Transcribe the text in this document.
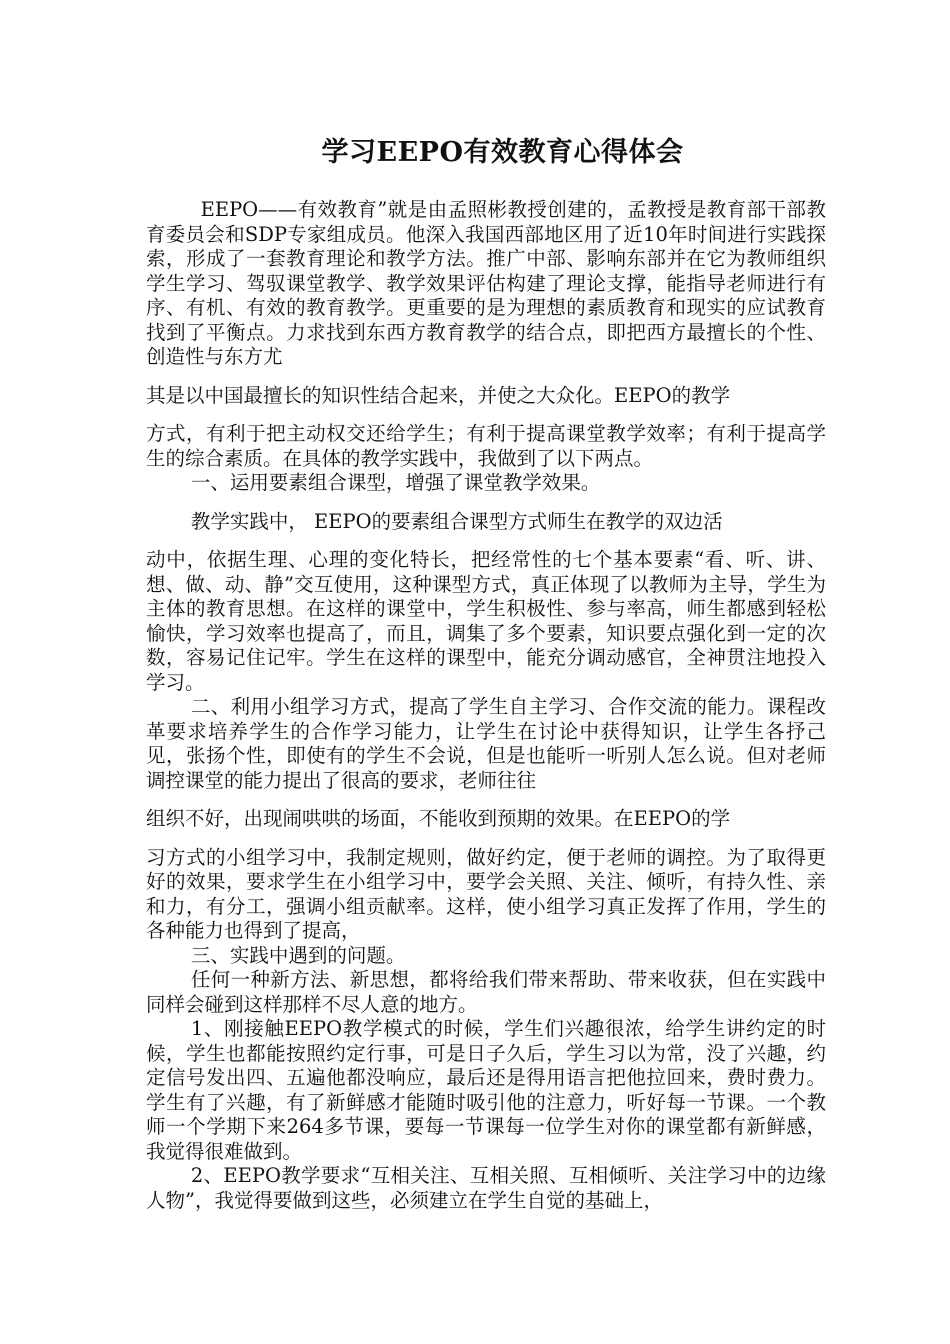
学习EEPO有效教育心得体会

EEPO——有效教育”就是由孟照彬教授创建的，孟教授是教育部干部教育委员会和SDP专家组成员。他深入我国西部地区用了近10年时间进行实践探索，形成了一套教育理论和教学方法。推广中部、影响东部并在它为教师组织学生学习、驾驭课堂教学、教学效果评估构建了理论支撑，能指导老师进行有序、有机、有效的教育教学。更重要的是为理想的素质教育和现实的应试教育找到了平衡点。力求找到东西方教育教学的结合点，即把西方最擅长的个性、创造性与东方尤

其是以中国最擅长的知识性结合起来，并使之大众化。EEPO的教学

方式，有利于把主动权交还给学生；有利于提高课堂教学效率；有利于提高学生的综合素质。在具体的教学实践中，我做到了以下两点。

一、运用要素组合课型，增强了课堂教学效果。

教学实践中， EEPO的要素组合课型方式师生在教学的双边活

动中，依据生理、心理的变化特长，把经常性的七个基本要素“看、听、讲、想、做、动、静”交互使用，这种课型方式，真正体现了以教师为主导，学生为主体的教育思想。在这样的课堂中，学生积极性、参与率高，师生都感到轻松愉快，学习效率也提高了，而且，调集了多个要素，知识要点强化到一定的次数，容易记住记牢。学生在这样的课型中，能充分调动感官，全神贯注地投入学习。

二、利用小组学习方式，提高了学生自主学习、合作交流的能力。课程改革要求培养学生的合作学习能力，让学生在讨论中获得知识，让学生各抒己见，张扬个性，即使有的学生不会说，但是也能听一听别人怎么说。但对老师调控课堂的能力提出了很高的要求，老师往往

组织不好，出现闹哄哄的场面，不能收到预期的效果。在EEPO的学

习方式的小组学习中，我制定规则，做好约定，便于老师的调控。为了取得更好的效果，要求学生在小组学习中，要学会关照、关注、倾听，有持久性、亲和力，有分工，强调小组贡献率。这样，使小组学习真正发挥了作用，学生的各种能力也得到了提高，

三、实践中遇到的问题。

任何一种新方法、新思想，都将给我们带来帮助、带来收获，但在实践中同样会碰到这样那样不尽人意的地方。

1、刚接触EEPO教学模式的时候，学生们兴趣很浓，给学生讲约定的时候，学生也都能按照约定行事，可是日子久后，学生习以为常，没了兴趣，约定信号发出四、五遍他都没响应，最后还是得用语言把他拉回来，费时费力。学生有了兴趣，有了新鲜感才能随时吸引他的注意力，听好每一节课。一个教师一个学期下来264多节课，要每一节课每一位学生对你的课堂都有新鲜感，我觉得很难做到。

2、EEPO教学要求“互相关注、互相关照、互相倾听、关注学习中的边缘人物”，我觉得要做到这些，必须建立在学生自觉的基础上，
